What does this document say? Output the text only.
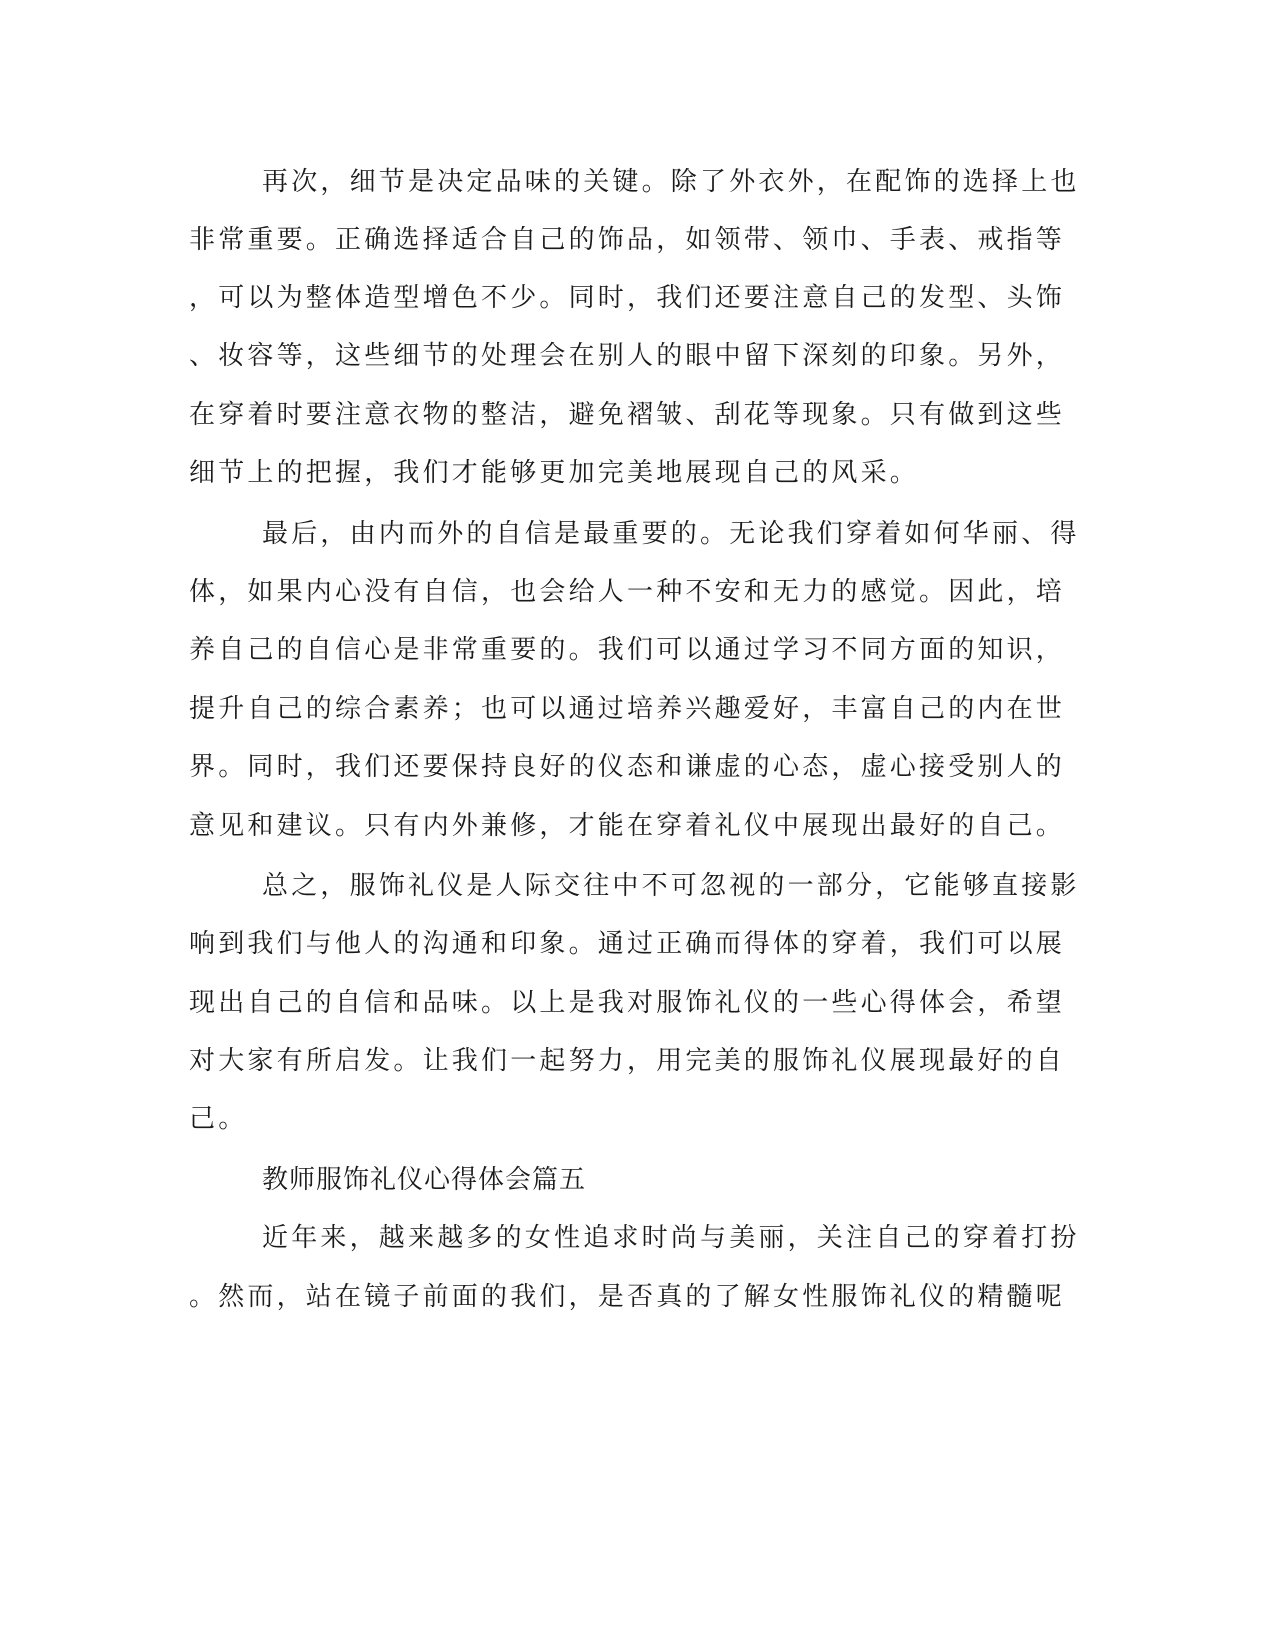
再次，细节是决定品味的关键。除了外衣外，在配饰的选择上也
非常重要。正确选择适合自己的饰品，如领带、领巾、手表、戒指等
，可以为整体造型增色不少。同时，我们还要注意自己的发型、头饰
、妆容等，这些细节的处理会在别人的眼中留下深刻的印象。另外，
在穿着时要注意衣物的整洁，避免褶皱、刮花等现象。只有做到这些
细节上的把握，我们才能够更加完美地展现自己的风采。
最后，由内而外的自信是最重要的。无论我们穿着如何华丽、得
体，如果内心没有自信，也会给人一种不安和无力的感觉。因此，培
养自己的自信心是非常重要的。我们可以通过学习不同方面的知识，
提升自己的综合素养；也可以通过培养兴趣爱好，丰富自己的内在世
界。同时，我们还要保持良好的仪态和谦虚的心态，虚心接受别人的
意见和建议。只有内外兼修，才能在穿着礼仪中展现出最好的自己。
总之，服饰礼仪是人际交往中不可忽视的一部分，它能够直接影
响到我们与他人的沟通和印象。通过正确而得体的穿着，我们可以展
现出自己的自信和品味。以上是我对服饰礼仪的一些心得体会，希望
对大家有所启发。让我们一起努力，用完美的服饰礼仪展现最好的自
己。
教师服饰礼仪心得体会篇五
近年来，越来越多的女性追求时尚与美丽，关注自己的穿着打扮
。然而，站在镜子前面的我们，是否真的了解女性服饰礼仪的精髓呢
